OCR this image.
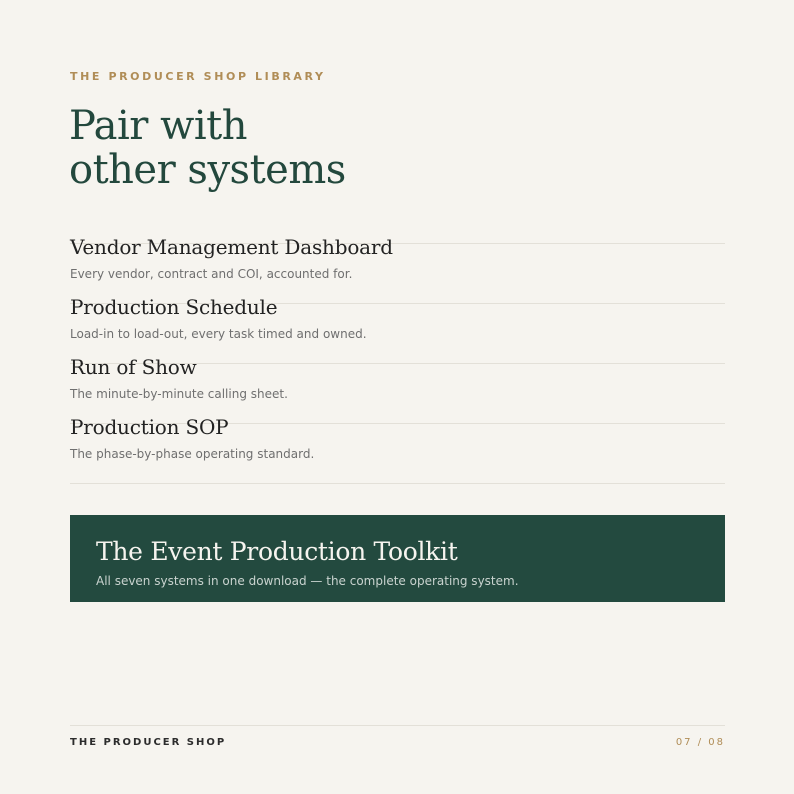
THE PRODUCER SHOP LIBRARY
Pair with
other systems
Vendor Management Dashboard
Every vendor, contract and COI, accounted for.
Production Schedule
Load-in to load-out, every task timed and owned.
Run of Show
The minute-by-minute calling sheet.
Production SOP
The phase-by-phase operating standard.
The Event Production Toolkit
All seven systems in one download — the complete operating system.
THE PRODUCER SHOP	07 / 08
